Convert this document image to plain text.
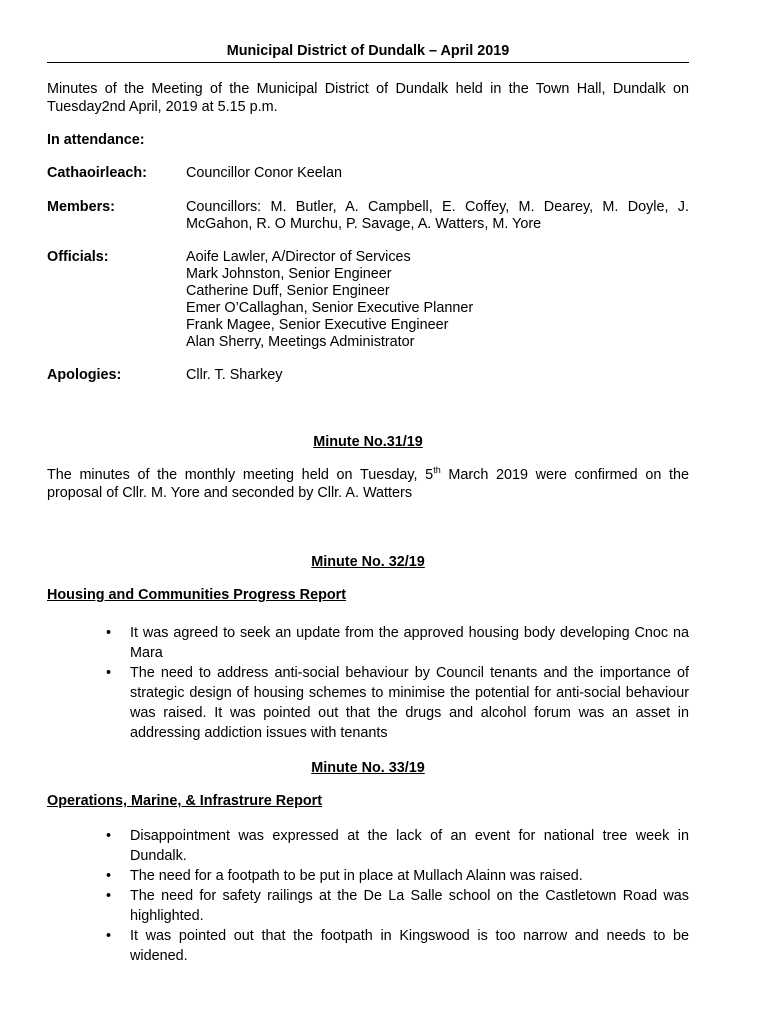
Municipal District of Dundalk – April 2019
Minutes of the Meeting of the Municipal District of Dundalk held in the Town Hall, Dundalk on Tuesday2nd April, 2019 at 5.15 p.m.
In attendance:
Cathaoirleach:	Councillor Conor Keelan
Members:	Councillors: M. Butler, A. Campbell, E. Coffey, M. Dearey, M. Doyle, J. McGahon, R. O Murchu, P. Savage, A. Watters, M. Yore
Officials:	Aoife Lawler, A/Director of Services
Mark Johnston, Senior Engineer
Catherine Duff, Senior Engineer
Emer O’Callaghan, Senior Executive Planner
Frank Magee, Senior Executive Engineer
Alan Sherry, Meetings Administrator
Apologies:	Cllr. T. Sharkey
Minute No.31/19
The minutes of the monthly meeting held on Tuesday, 5th March 2019 were confirmed on the proposal of Cllr. M. Yore and seconded by Cllr. A. Watters
Minute No. 32/19
Housing and Communities Progress Report
• It was agreed to seek an update from the approved housing body developing Cnoc na Mara
• The need to address anti-social behaviour by Council tenants and the importance of strategic design of housing schemes to minimise the potential for anti-social behaviour was raised. It was pointed out that the drugs and alcohol forum was an asset in addressing addiction issues with tenants
Minute No. 33/19
Operations, Marine, & Infrastrure Report
• Disappointment was expressed at the lack of an event for national tree week in Dundalk.
• The need for a footpath to be put in place at Mullach Alainn was raised.
• The need for safety railings at the De La Salle school on the Castletown Road was highlighted.
• It was pointed out that the footpath in Kingswood is too narrow and needs to be widened.
